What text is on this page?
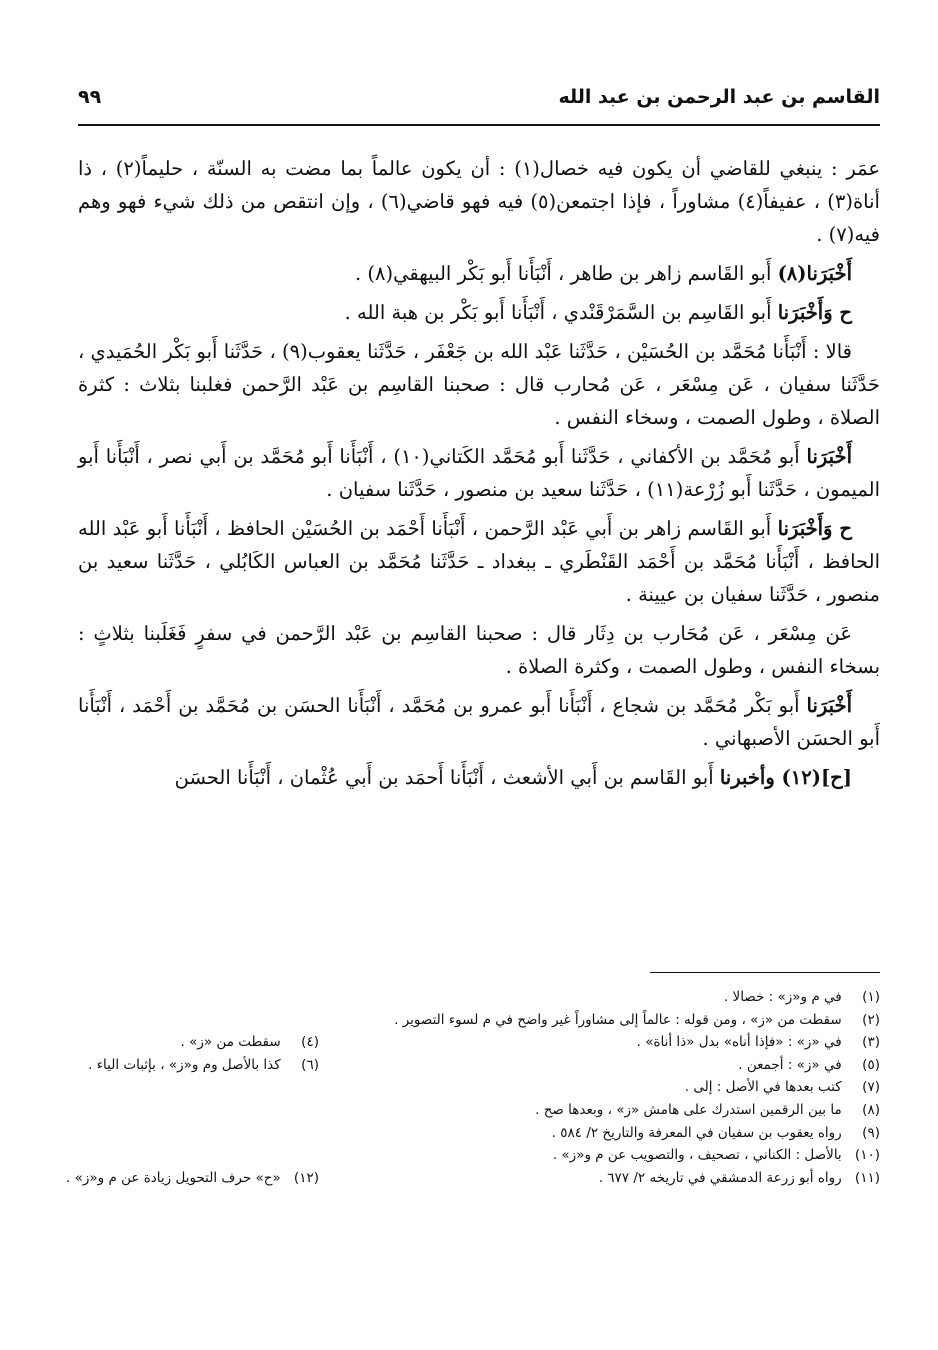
القاسم بن عبد الرحمن بن عبد الله
٩٩

عمَر : ينبغي للقاضي أن يكون فيه خصال(١) : أن يكون عالماً بما مضت به السنّة ، حليماً(٢) ، ذا أناة(٣) ، عفيفاً(٤) مشاوراً ، فإذا اجتمعن(٥) فيه فهو قاضي(٦) ، وإن انتقص من ذلك شيء فهو وهم فيه(٧) .

أَخْبَرَنا(٨) أَبو القَاسم زاهر بن طاهر ، أَنْبَأَنا أَبو بَكْر البيهقي(٨) .

ح وَأَخْبَرَنا أَبو القَاسِم بن السَّمَرْقَنْدي ، أَنْبَأَنا أَبو بَكْر بن هبة الله .

قالا : أَنْبَأَنا مُحَمَّد بن الحُسَيْن ، حَدَّثَنا عَبْد الله بن جَعْفَر ، حَدَّثَنا يعقوب(٩) ، حَدَّثَنا أَبو بَكْر الحُمَيدي ، حَدَّثَنا سفيان ، عَن مِسْعَر ، عَن مُحارب قال : صحبنا القاسِم بن عَبْد الرَّحمن فغلبنا بثلاث : كثرة الصلاة ، وطول الصمت ، وسخاء النفس .

أَخْبَرَنا أَبو مُحَمَّد بن الأكفاني ، حَدَّثَنا أَبو مُحَمَّد الكَتاني(١٠) ، أَنْبَأَنا أَبو مُحَمَّد بن أَبي نصر ، أَنْبَأَنا أَبو الميمون ، حَدَّثَنا أَبو زُرْعة(١١) ، حَدَّثَنا سعيد بن منصور ، حَدَّثَنا سفيان .

ح وَأَخْبَرَنا أَبو القَاسم زاهر بن أَبي عَبْد الرَّحمن ، أَنْبَأَنا أَحْمَد بن الحُسَيْن الحافظ ، أَنْبَأَنا أَبو عَبْد الله الحافظ ، أَنْبَأَنا مُحَمَّد بن أَحْمَد القَنْطَري ـ ببغداد ـ حَدَّثَنا مُحَمَّد بن العباس الكَابُلي ، حَدَّثَنا سعيد بن منصور ، حَدَّثَنا سفيان بن عيينة .

عَن مِسْعَر ، عَن مُحَارب بن دِثَار قال : صحبنا القاسِم بن عَبْد الرَّحمن في سفرٍ فَغَلَبنا بثلاثٍ : بسخاء النفس ، وطول الصمت ، وكثرة الصلاة .

أَخْبَرَنا أَبو بَكْر مُحَمَّد بن شجاع ، أَنْبَأَنا أَبو عمرو بن مُحَمَّد ، أَنْبَأَنا الحسَن بن مُحَمَّد بن أَحْمَد ، أَنْبَأَنا أَبو الحسَن الأصبهاني .

[ح](١٢) وأخبرنا أَبو القَاسم بن أَبي الأشعث ، أَنْبَأَنا أَحمَد بن أَبي عُثْمان ، أَنْبَأَنا الحسَن

(١) في م و«ز» : خصالا .
(٢) سقطت من «ز» ، ومن قوله : عالماً إلى مشاوراً غير واضح في م لسوء التصوير .
(٣) في «ز» : «فإذا أناه» بدل «ذا أناة» .
(٤) سقطت من «ز» .
(٥) في «ز» : أجمعن .
(٦) كذا بالأصل وم و«ز» ، بإثبات الياء .
(٧) كتب بعدها في الأصل : إلى .
(٨) ما بين الرقمين استدرك على هامش «ز» ، وبعدها صح .
(٩) رواه يعقوب بن سفيان في المعرفة والتاريخ ٢/ ٥٨٤ .
(١٠) بالأصل : الكناني ، تصحيف ، والتصويب عن م و«ز» .
(١١) رواه أبو زرعة الدمشقي في تاريخه ٢/ ٦٧٧ .
(١٢) «ح» حرف التحويل زيادة عن م و«ز» .
